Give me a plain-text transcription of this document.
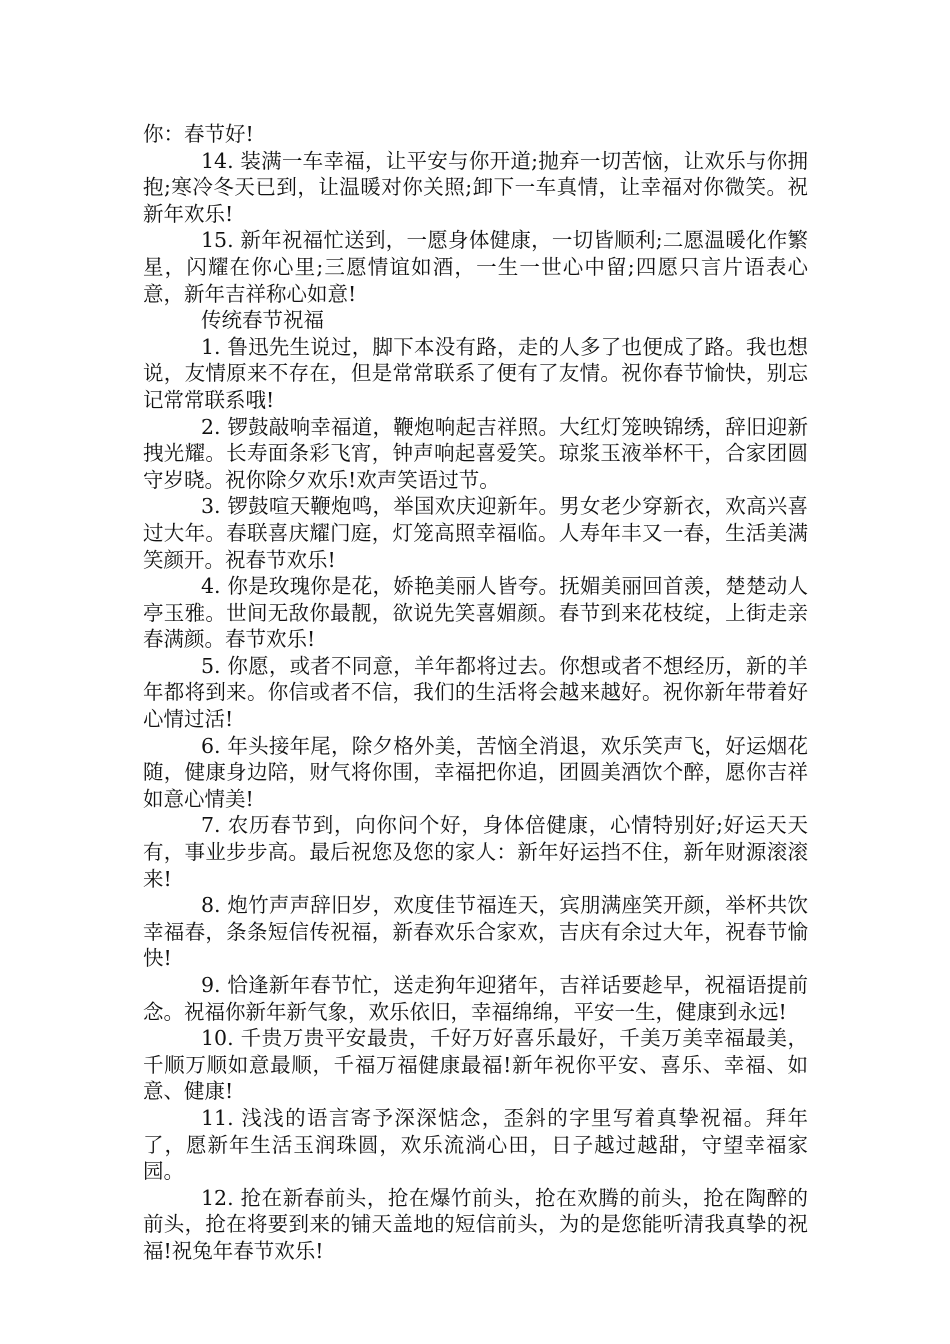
你：春节好!

14. 装满一车幸福，让平安与你开道;抛弃一切苦恼，让欢乐与你拥抱;寒冷冬天已到，让温暖对你关照;卸下一车真情，让幸福对你微笑。祝新年欢乐!

15. 新年祝福忙送到，一愿身体健康，一切皆顺利;二愿温暖化作繁星，闪耀在你心里;三愿情谊如酒，一生一世心中留;四愿只言片语表心意，新年吉祥称心如意!

传统春节祝福

1. 鲁迅先生说过，脚下本没有路，走的人多了也便成了路。我也想说，友情原来不存在，但是常常联系了便有了友情。祝你春节愉快，别忘记常常联系哦!

2. 锣鼓敲响幸福道，鞭炮响起吉祥照。大红灯笼映锦绣，辞旧迎新拽光耀。长寿面条彩飞宵，钟声响起喜爱笑。琼浆玉液举杯干，合家团圆守岁晓。祝你除夕欢乐!欢声笑语过节。

3. 锣鼓喧天鞭炮鸣，举国欢庆迎新年。男女老少穿新衣，欢高兴喜过大年。春联喜庆耀门庭，灯笼高照幸福临。人寿年丰又一春，生活美满笑颜开。祝春节欢乐!

4. 你是玫瑰你是花，娇艳美丽人皆夸。抚媚美丽回首羡，楚楚动人亭玉雅。世间无敌你最靓，欲说先笑喜媚颜。春节到来花枝绽，上街走亲春满颜。春节欢乐!

5. 你愿，或者不同意，羊年都将过去。你想或者不想经历，新的羊年都将到来。你信或者不信，我们的生活将会越来越好。祝你新年带着好心情过活!

6. 年头接年尾，除夕格外美，苦恼全消退，欢乐笑声飞，好运烟花随，健康身边陪，财气将你围，幸福把你追，团圆美酒饮个醉，愿你吉祥如意心情美!

7. 农历春节到，向你问个好，身体倍健康，心情特别好;好运天天有，事业步步高。最后祝您及您的家人：新年好运挡不住，新年财源滚滚来!

8. 炮竹声声辞旧岁，欢度佳节福连天，宾朋满座笑开颜，举杯共饮幸福春，条条短信传祝福，新春欢乐合家欢，吉庆有余过大年，祝春节愉快!

9. 恰逢新年春节忙，送走狗年迎猪年，吉祥话要趁早，祝福语提前念。祝福你新年新气象，欢乐依旧，幸福绵绵，平安一生，健康到永远!

10. 千贵万贵平安最贵，千好万好喜乐最好，千美万美幸福最美，千顺万顺如意最顺，千福万福健康最福!新年祝你平安、喜乐、幸福、如意、健康!

11. 浅浅的语言寄予深深惦念，歪斜的字里写着真挚祝福。拜年了，愿新年生活玉润珠圆，欢乐流淌心田，日子越过越甜，守望幸福家园。

12. 抢在新春前头，抢在爆竹前头，抢在欢腾的前头，抢在陶醉的前头，抢在将要到来的铺天盖地的短信前头，为的是您能听清我真挚的祝福!祝兔年春节欢乐!
